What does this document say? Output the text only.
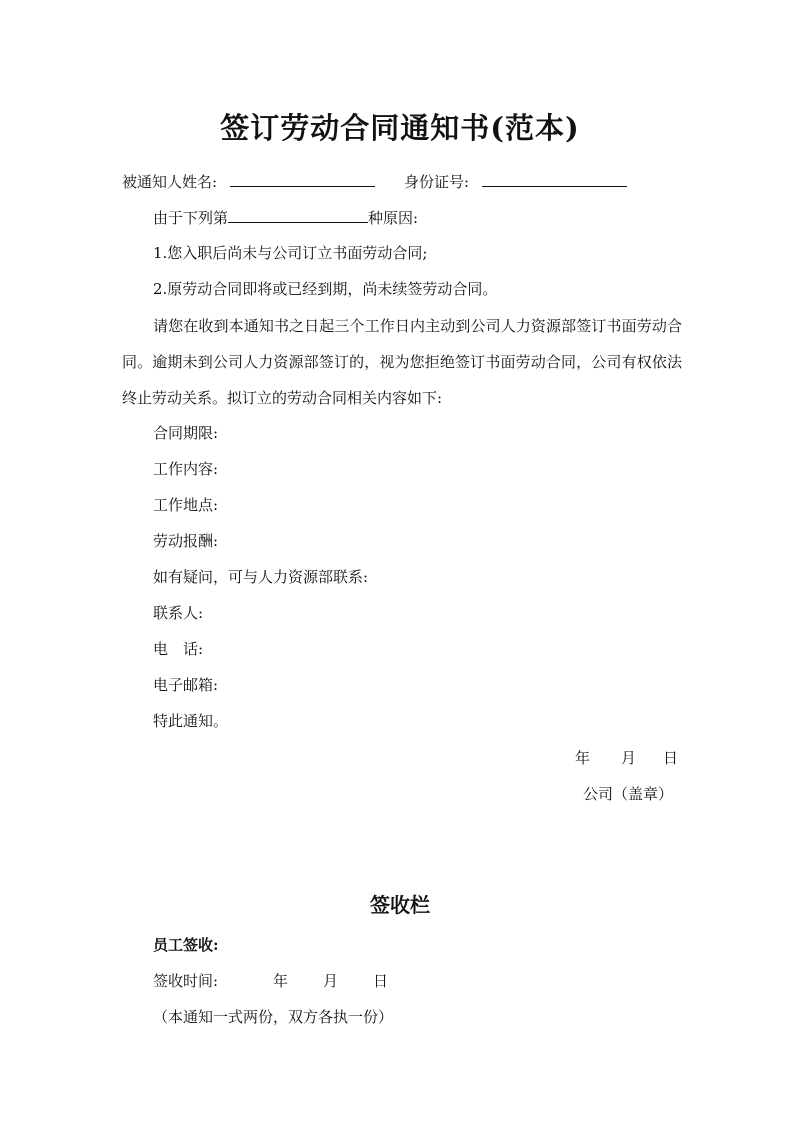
签订劳动合同通知书(范本)
被通知人姓名:	身份证号:
由于下列第	种原因:
1.您入职后尚未与公司订立书面劳动合同;
2.原劳动合同即将或已经到期，尚未续签劳动合同。
请您在收到本通知书之日起三个工作日内主动到公司人力资源部签订书面劳动合同。逾期未到公司人力资源部签订的，视为您拒绝签订书面劳动合同，公司有权依法终止劳动关系。拟订立的劳动合同相关内容如下:
合同期限:
工作内容:
工作地点:
劳动报酬:
如有疑问，可与人力资源部联系:
联系人:
电　话:
电子邮箱:
特此通知。
年 月 日
公司（盖章）
签收栏
员工签收:
签收时间:	年 月 日
（本通知一式两份，双方各执一份）
